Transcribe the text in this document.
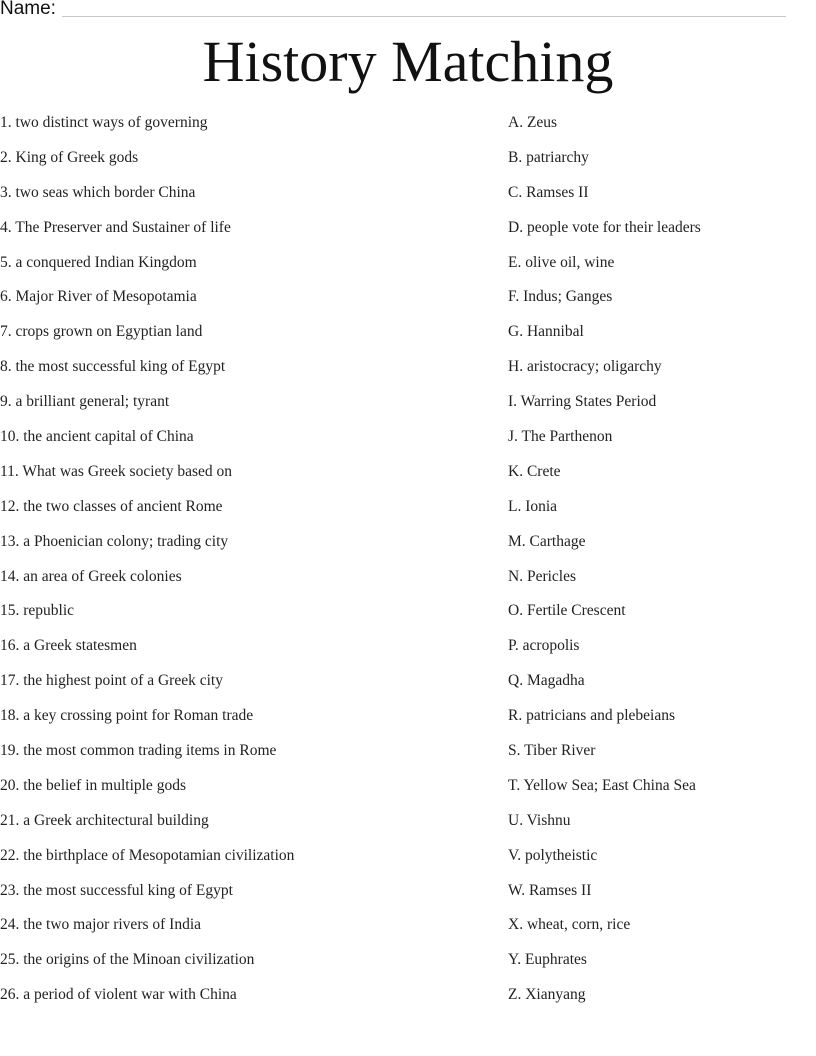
Name:
History Matching
1. two distinct ways of governing
2. King of Greek gods
3. two seas which border China
4. The Preserver and Sustainer of life
5. a conquered Indian Kingdom
6. Major River of Mesopotamia
7. crops grown on Egyptian land
8. the most successful king of Egypt
9. a brilliant general; tyrant
10. the ancient capital of China
11. What was Greek society based on
12. the two classes of ancient Rome
13. a Phoenician colony; trading city
14. an area of Greek colonies
15. republic
16. a Greek statesmen
17. the highest point of a Greek city
18. a key crossing point for Roman trade
19. the most common trading items in Rome
20. the belief in multiple gods
21. a Greek architectural building
22. the birthplace of Mesopotamian civilization
23. the most successful king of Egypt
24. the two major rivers of India
25. the origins of the Minoan civilization
26. a period of violent war with China
A. Zeus
B. patriarchy
C. Ramses II
D. people vote for their leaders
E. olive oil, wine
F. Indus; Ganges
G. Hannibal
H. aristocracy; oligarchy
I. Warring States Period
J. The Parthenon
K. Crete
L. Ionia
M. Carthage
N. Pericles
O. Fertile Crescent
P. acropolis
Q. Magadha
R. patricians and plebeians
S. Tiber River
T. Yellow Sea; East China Sea
U. Vishnu
V. polytheistic
W. Ramses II
X. wheat, corn, rice
Y. Euphrates
Z. Xianyang
